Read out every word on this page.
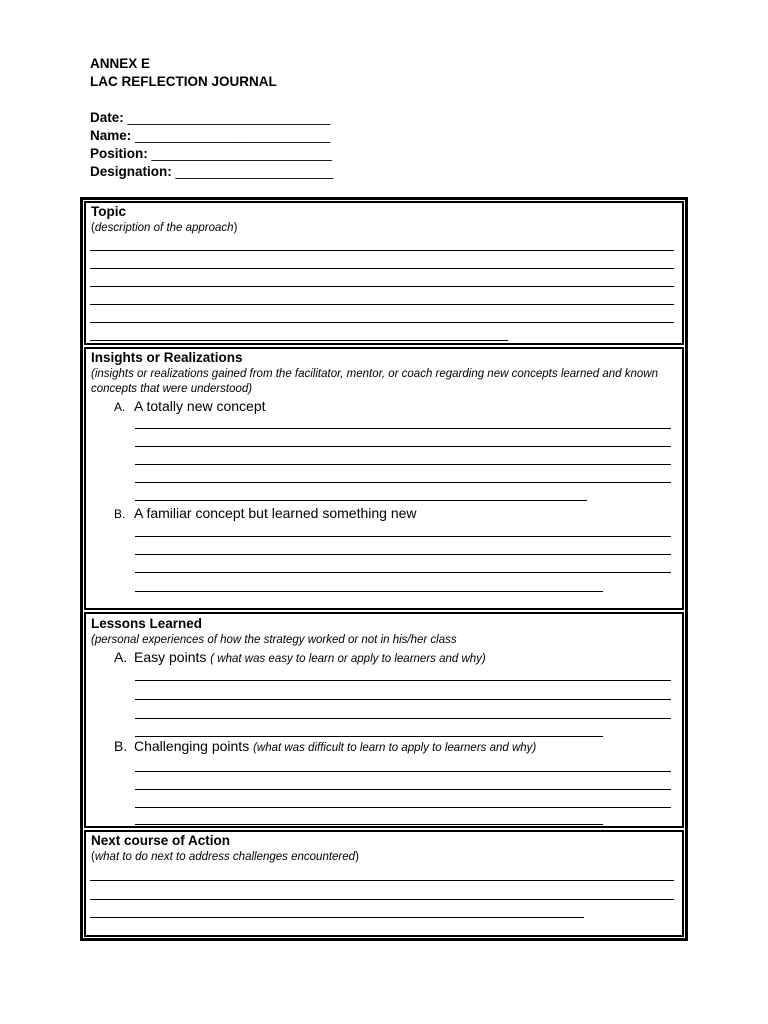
ANNEX E
LAC REFLECTION JOURNAL
Date: ___________________________
Name: __________________________
Position: ________________________
Designation: _____________________
Topic
(description of the approach)
Insights or Realizations
(insights or realizations gained from the facilitator, mentor, or coach regarding new concepts learned and known concepts that were understood)
A. A totally new concept
B. A familiar concept but learned something new
Lessons Learned
(personal experiences of how the strategy worked or not in his/her class
A. Easy points ( what was easy to learn or apply to learners and why)
B. Challenging points (what was difficult to learn to apply to learners and why)
Next course of Action
(what to do next to address challenges encountered)
